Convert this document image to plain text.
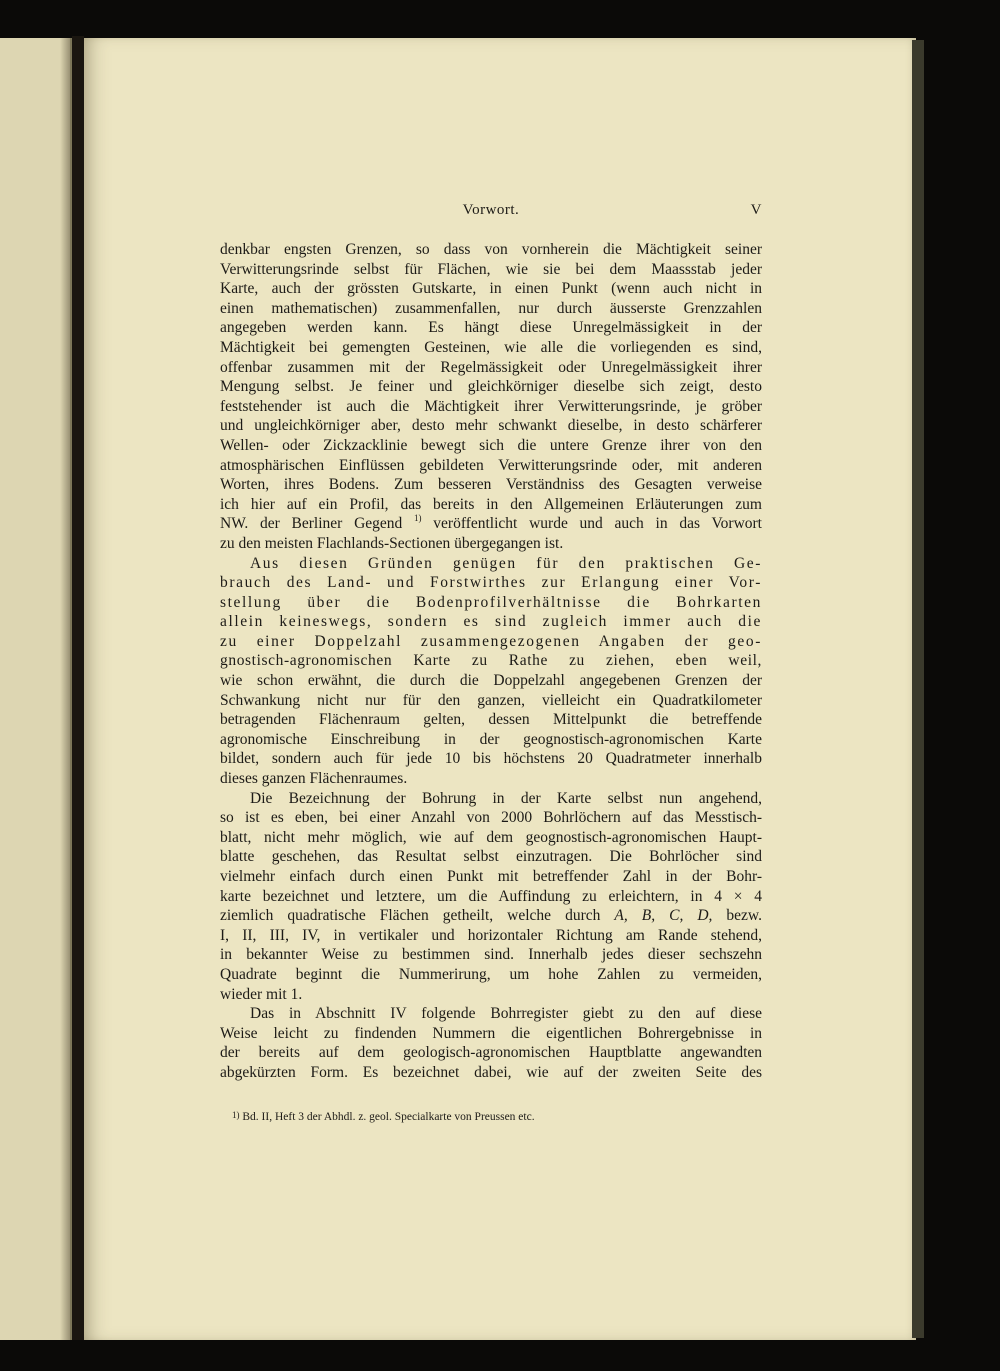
Vorwort.	V
denkbar engsten Grenzen, so dass von vornherein die Mächtigkeit seiner
Verwitterungsrinde selbst für Flächen, wie sie bei dem Maassstab jeder
Karte, auch der grössten Gutskarte, in einen Punkt (wenn auch nicht in
einen mathematischen) zusammenfallen, nur durch äusserste Grenzzahlen
angegeben werden kann. Es hängt diese Unregelmässigkeit in der
Mächtigkeit bei gemengten Gesteinen, wie alle die vorliegenden es sind,
offenbar zusammen mit der Regelmässigkeit oder Unregelmässigkeit ihrer
Mengung selbst. Je feiner und gleichkörniger dieselbe sich zeigt, desto
feststehender ist auch die Mächtigkeit ihrer Verwitterungsrinde, je gröber
und ungleichkörniger aber, desto mehr schwankt dieselbe, in desto schärferer
Wellen- oder Zickzacklinie bewegt sich die untere Grenze ihrer von den
atmosphärischen Einflüssen gebildeten Verwitterungsrinde oder, mit anderen
Worten, ihres Bodens. Zum besseren Verständniss des Gesagten verweise
ich hier auf ein Profil, das bereits in den Allgemeinen Erläuterungen zum
NW. der Berliner Gegend $^{1)}$ veröffentlicht wurde und auch in das Vorwort
zu den meisten Flachlands-Sectionen übergegangen ist.
Aus diesen Gründen genügen für den praktischen Ge-
brauch des Land- und Forstwirthes zur Erlangung einer Vor-
stellung über die Bodenprofilverhältnisse die Bohrkarten
allein keineswegs, sondern es sind zugleich immer auch die
zu einer Doppelzahl zusammengezogenen Angaben der geo-
gnostisch-agronomischen Karte zu Rathe zu ziehen, eben weil,
wie schon erwähnt, die durch die Doppelzahl angegebenen Grenzen der
Schwankung nicht nur für den ganzen, vielleicht ein Quadratkilometer
betragenden Flächenraum gelten, dessen Mittelpunkt die betreffende
agronomische Einschreibung in der geognostisch-agronomischen Karte
bildet, sondern auch für jede 10 bis höchstens 20 Quadratmeter innerhalb
dieses ganzen Flächenraumes.
Die Bezeichnung der Bohrung in der Karte selbst nun angehend,
so ist es eben, bei einer Anzahl von 2000 Bohrlöchern auf das Messtisch-
blatt, nicht mehr möglich, wie auf dem geognostisch-agronomischen Haupt-
blatte geschehen, das Resultat selbst einzutragen. Die Bohrlöcher sind
vielmehr einfach durch einen Punkt mit betreffender Zahl in der Bohr-
karte bezeichnet und letztere, um die Auffindung zu erleichtern, in 4 × 4
ziemlich quadratische Flächen getheilt, welche durch A, B, C, D, bezw.
I, II, III, IV, in vertikaler und horizontaler Richtung am Rande stehend,
in bekannter Weise zu bestimmen sind. Innerhalb jedes dieser sechszehn
Quadrate beginnt die Nummerirung, um hohe Zahlen zu vermeiden,
wieder mit 1.
Das in Abschnitt IV folgende Bohrregister giebt zu den auf diese
Weise leicht zu findenden Nummern die eigentlichen Bohrergebnisse in
der bereits auf dem geologisch-agronomischen Hauptblatte angewandten
abgekürzten Form. Es bezeichnet dabei, wie auf der zweiten Seite des
$^{1)}$ Bd. II, Heft 3 der Abhdl. z. geol. Specialkarte von Preussen etc.
